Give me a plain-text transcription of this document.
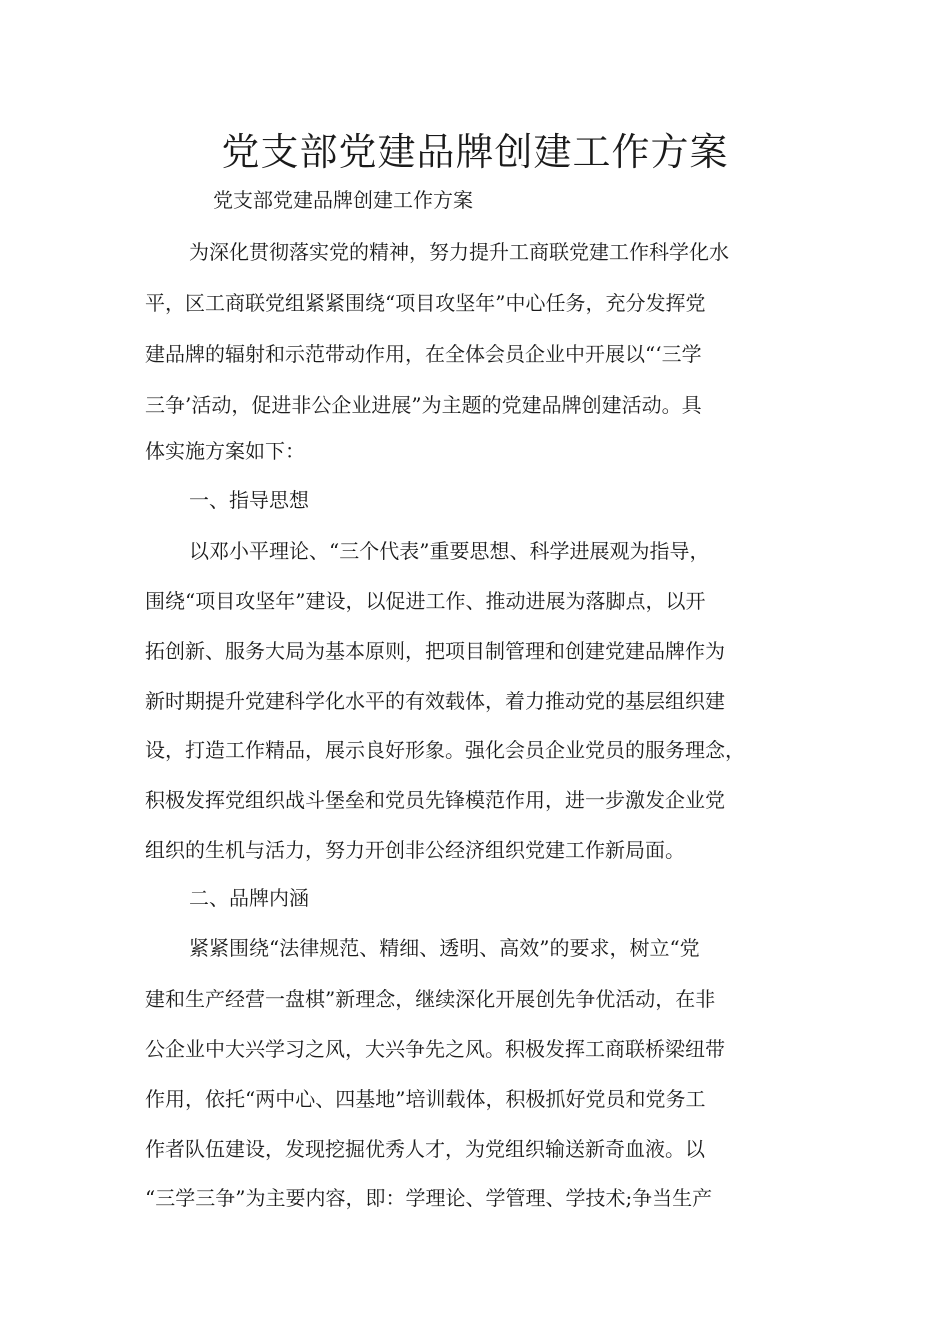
党支部党建品牌创建工作方案

党支部党建品牌创建工作方案

为深化贯彻落实党的精神，努力提升工商联党建工作科学化水

平，区工商联党组紧紧围绕“项目攻坚年”中心任务，充分发挥党

建品牌的辐射和示范带动作用，在全体会员企业中开展以“‘三学

三争’活动，促进非公企业进展”为主题的党建品牌创建活动。具

体实施方案如下：

一、指导思想

以邓小平理论、“三个代表”重要思想、科学进展观为指导，

围绕“项目攻坚年”建设，以促进工作、推动进展为落脚点，以开

拓创新、服务大局为基本原则，把项目制管理和创建党建品牌作为

新时期提升党建科学化水平的有效载体，着力推动党的基层组织建

设，打造工作精品，展示良好形象。强化会员企业党员的服务理念，

积极发挥党组织战斗堡垒和党员先锋模范作用，进一步激发企业党

组织的生机与活力，努力开创非公经济组织党建工作新局面。

二、品牌内涵

紧紧围绕“法律规范、精细、透明、高效”的要求，树立“党

建和生产经营一盘棋”新理念，继续深化开展创先争优活动，在非

公企业中大兴学习之风，大兴争先之风。积极发挥工商联桥梁纽带

作用，依托“两中心、四基地”培训载体，积极抓好党员和党务工

作者队伍建设，发现挖掘优秀人才，为党组织输送新奇血液。以

“三学三争”为主要内容，即：学理论、学管理、学技术;争当生产
